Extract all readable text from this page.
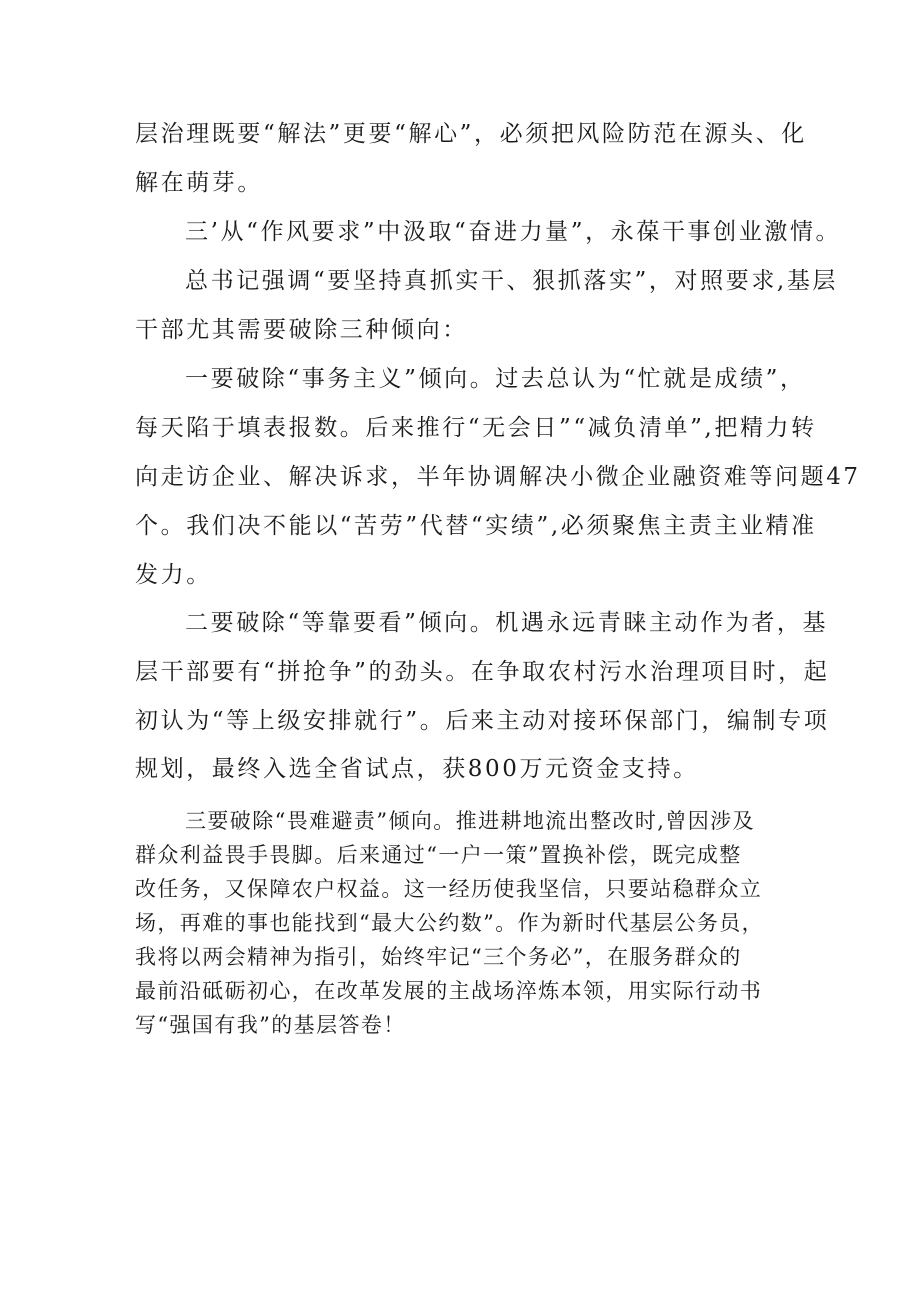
层治理既要“解法”更要“解心”，必须把风险防范在源头、化
解在萌芽。
三’从“作风要求”中汲取“奋进力量”，永葆干事创业激情。
总书记强调“要坚持真抓实干、狠抓落实”，对照要求,基层
干部尤其需要破除三种倾向：
一要破除“事务主义”倾向。过去总认为“忙就是成绩”，
每天陷于填表报数。后来推行“无会日”“减负清单”,把精力转
向走访企业、解决诉求，半年协调解决小微企业融资难等问题47
个。我们决不能以“苦劳”代替“实绩”,必须聚焦主责主业精准
发力。
二要破除“等靠要看”倾向。机遇永远青睐主动作为者，基
层干部要有“拼抢争”的劲头。在争取农村污水治理项目时，起
初认为“等上级安排就行”。后来主动对接环保部门，编制专项
规划，最终入选全省试点，获800万元资金支持。
三要破除“畏难避责”倾向。推进耕地流出整改时,曾因涉及
群众利益畏手畏脚。后来通过“一户一策”置换补偿，既完成整
改任务，又保障农户权益。这一经历使我坚信，只要站稳群众立
场，再难的事也能找到“最大公约数”。作为新时代基层公务员，
我将以两会精神为指引，始终牢记“三个务必”，在服务群众的
最前沿砥砺初心，在改革发展的主战场淬炼本领，用实际行动书
写“强国有我”的基层答卷！
